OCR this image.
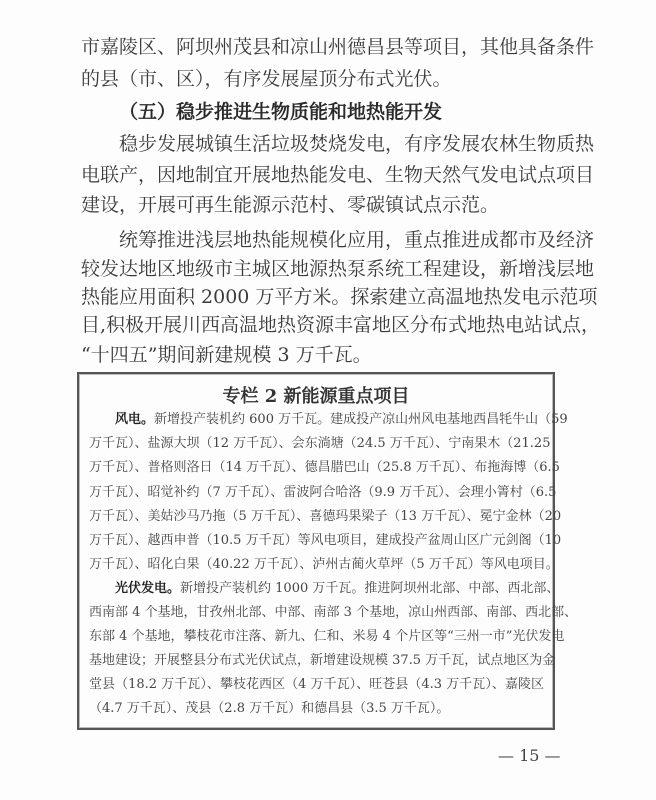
市嘉陵区、阿坝州茂县和凉山州德昌县等项目，其他具备条件
的县（市、区），有序发展屋顶分布式光伏。
（五）稳步推进生物质能和地热能开发
稳步发展城镇生活垃圾焚烧发电，有序发展农林生物质热
电联产，因地制宜开展地热能发电、生物天然气发电试点项目
建设，开展可再生能源示范村、零碳镇试点示范。
统筹推进浅层地热能规模化应用，重点推进成都市及经济
较发达地区地级市主城区地源热泵系统工程建设，新增浅层地
热能应用面积 2000 万平方米。探索建立高温地热发电示范项
目,积极开展川西高温地热资源丰富地区分布式地热电站试点，
专栏 2 新能源重点项目
风电。新增投产装机约 600 万千瓦。建成投产凉山州风电基地西昌牦牛山（59
万千瓦）、盐源大坝（12 万千瓦）、会东淌塘（24.5 万千瓦）、宁南果木（21.25
万千瓦）、普格则洛日（14 万千瓦）、德昌腊巴山（25.8 万千瓦）、布拖海博（6.5
万千瓦）、昭觉补约（7 万千瓦）、雷波阿合哈洛（9.9 万千瓦）、会理小箐村（6.5
万千瓦）、美姑沙马乃拖（5 万千瓦）、喜德玛果梁子（13 万千瓦）、冕宁金林（20
万千瓦）、越西申普（10.5 万千瓦）等风电项目，建成投产盆周山区广元剑阁（10
万千瓦）、昭化白果（40.22 万千瓦）、泸州古蔺火草坪（5 万千瓦）等风电项目。
光伏发电。新增投产装机约 1000 万千瓦。推进阿坝州北部、中部、西北部、
西南部 4 个基地，甘孜州北部、中部、南部 3 个基地，凉山州西部、南部、西北部、
东部 4 个基地，攀枝花市注落、新九、仁和、米易 4 个片区等“三州一市”光伏发电
基地建设；开展整县分布式光伏试点，新增建设规模 37.5 万千瓦，试点地区为金
堂县（18.2 万千瓦）、攀枝花西区（4 万千瓦）、旺苍县（4.3 万千瓦）、嘉陵区
（4.7 万千瓦）、茂县（2.8 万千瓦）和德昌县（3.5 万千瓦）。
— 15 —
“十四五”期间新建规模 3 万千瓦。
